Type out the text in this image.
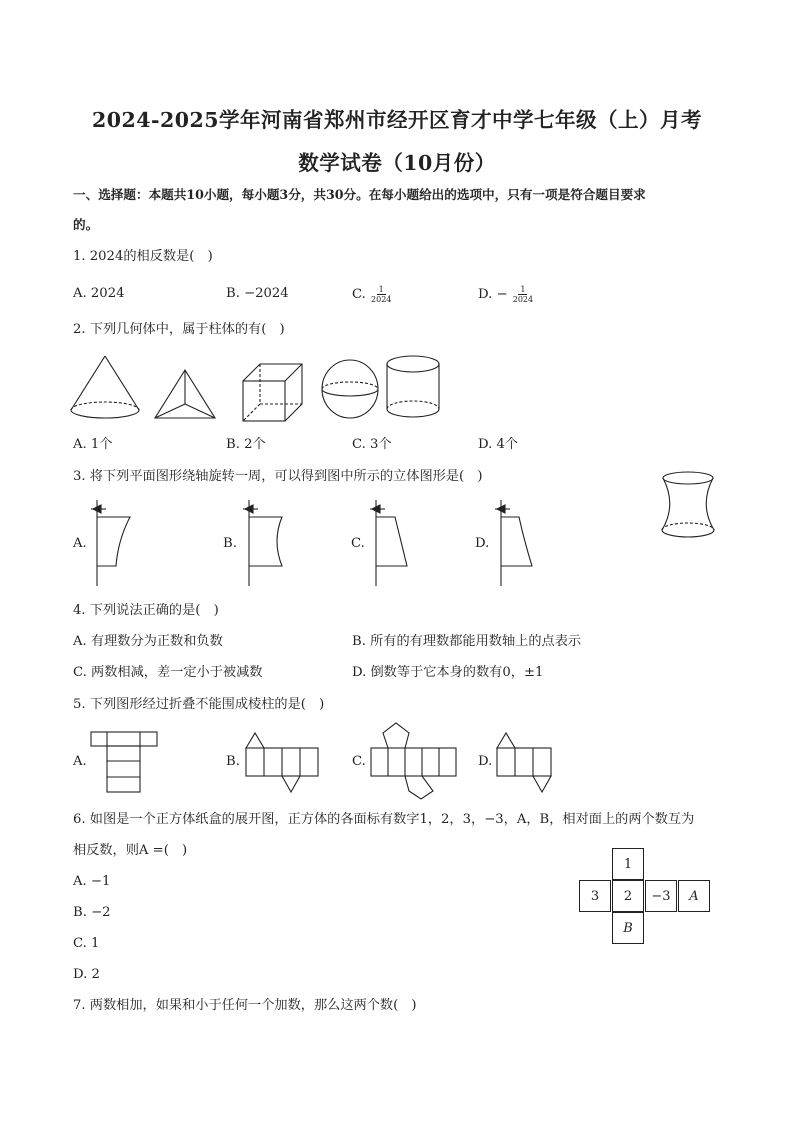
2024-2025学年河南省郑州市经开区育才中学七年级（上）月考
数学试卷（10月份）
一、选择题：本题共10小题，每小题3分，共30分。在每小题给出的选项中，只有一项是符合题目要求
的。
1. 2024的相反数是(　)
A. 2024	B. −2024	C. $\frac{1}{2024}$	D. − $\frac{1}{2024}$
2. 下列几何体中，属于柱体的有(　)
A. 1个	B. 2个	C. 3个	D. 4个
3. 将下列平面图形绕轴旋转一周，可以得到图中所示的立体图形是(　)
A.	B.	C.	D.
4. 下列说法正确的是(　)
A. 有理数分为正数和负数	B. 所有的有理数都能用数轴上的点表示
C. 两数相减，差一定小于被减数	D. 倒数等于它本身的数有0，±1
5. 下列图形经过折叠不能围成棱柱的是(　)
A.	B.	C.	D.
6. 如图是一个正方体纸盒的展开图，正方体的各面标有数字1，2，3，−3，A，B，相对面上的两个数互为
相反数，则A =(　)
A. −1
B. −2
C. 1
D. 2
1
3	2	−3	A
B
7. 两数相加，如果和小于任何一个加数，那么这两个数(　)
